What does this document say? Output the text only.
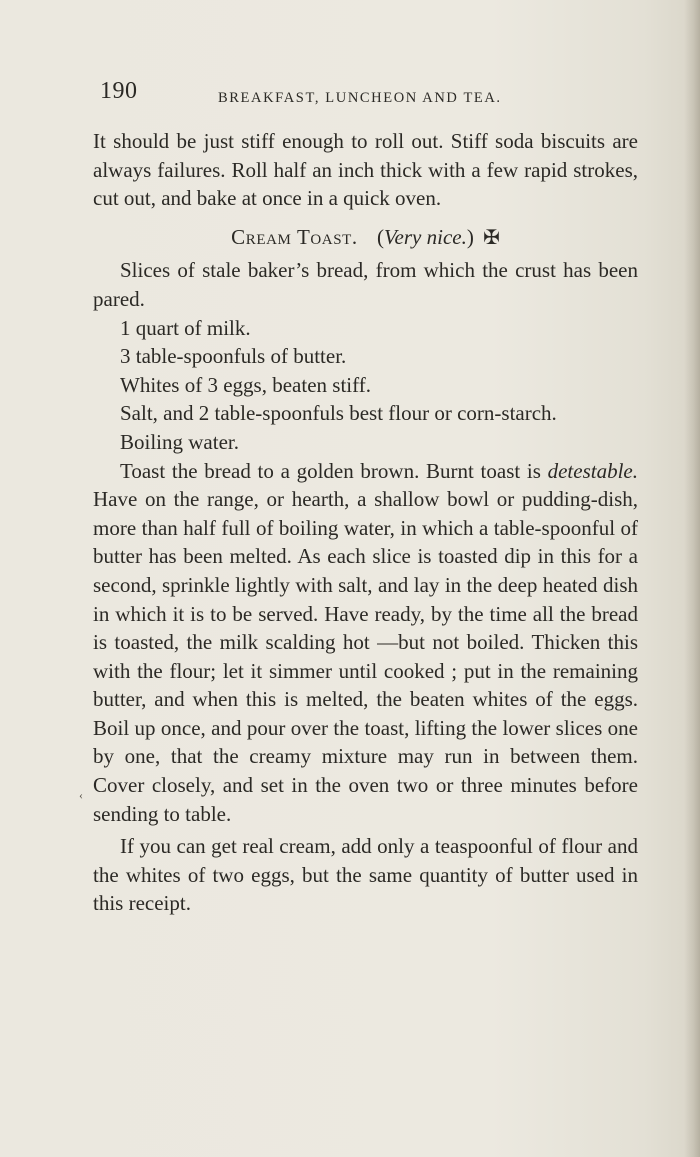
190	BREAKFAST, LUNCHEON AND TEA.
‹

It should be just stiff enough to roll out. Stiff soda biscuits are always failures. Roll half an inch thick with a few rapid strokes, cut out, and bake at once in a quick oven.

Cream Toast. (Very nice.) ✠

Slices of stale baker’s bread, from which the crust has been pared.

1 quart of milk.

3 table-spoonfuls of butter.

Whites of 3 eggs, beaten stiff.

Salt, and 2 table-spoonfuls best flour or corn-starch.

Boiling water.

Toast the bread to a golden brown. Burnt toast is detestable. Have on the range, or hearth, a shallow bowl or pudding-dish, more than half full of boiling water, in which a table-spoonful of butter has been melted. As each slice is toasted dip in this for a second, sprinkle lightly with salt, and lay in the deep heated dish in which it is to be served. Have ready, by the time all the bread is toasted, the milk scalding hot —but not boiled. Thicken this with the flour; let it simmer until cooked ; put in the remaining butter, and when this is melted, the beaten whites of the eggs. Boil up once, and pour over the toast, lifting the lower slices one by one, that the creamy mixture may run in between them. Cover closely, and set in the oven two or three minutes before sending to table.

If you can get real cream, add only a teaspoonful of flour and the whites of two eggs, but the same quantity of butter used in this receipt.
